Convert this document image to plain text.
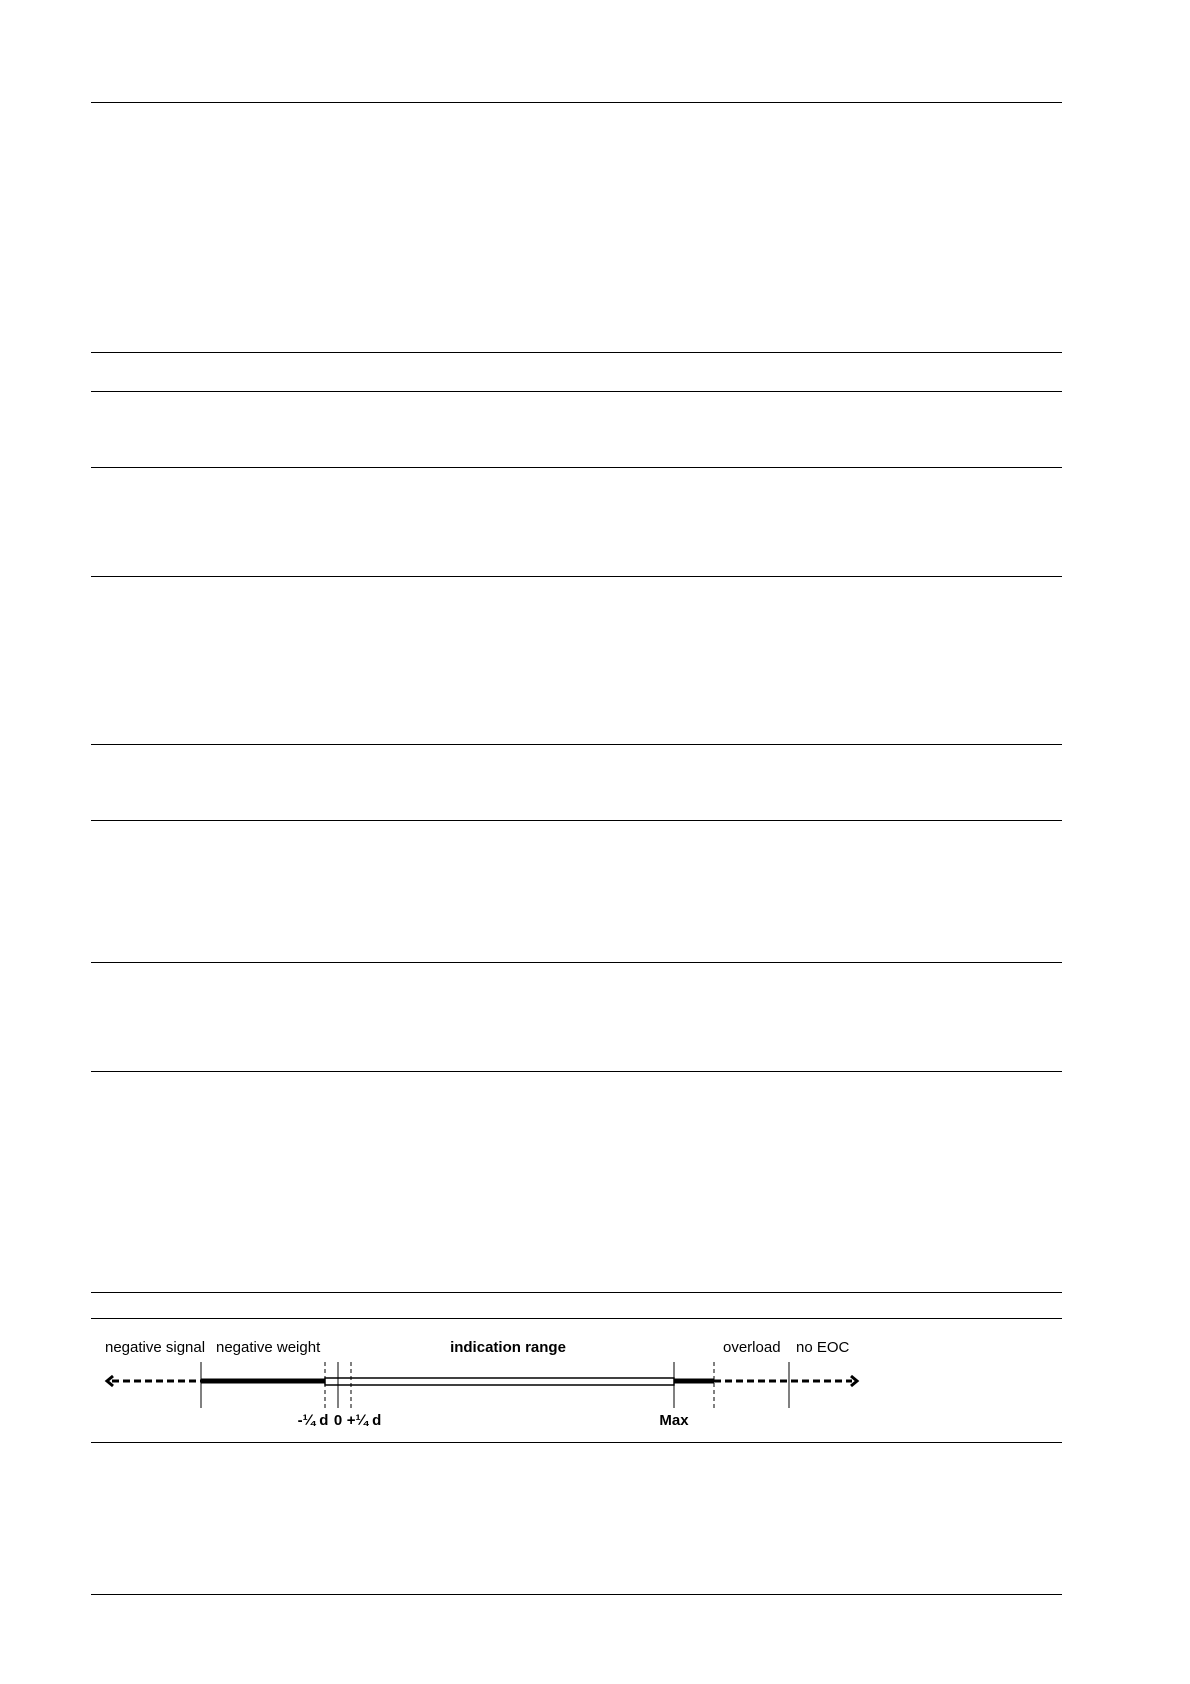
negative signal negative weight	indication range	overload no EOC
-¼ d 0 +¼ d	Max
